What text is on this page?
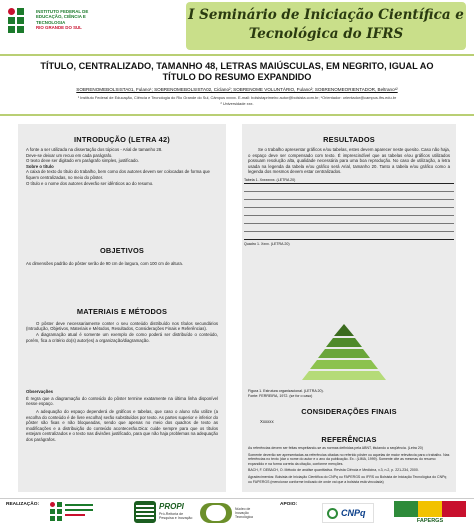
INSTITUTO FEDERAL DE
EDUCAÇÃO, CIÊNCIA E TECNOLOGIA
RIO GRANDE DO SUL
I Seminário de Iniciação Científica e
Tecnológica do IFRS
TÍTULO, CENTRALIZADO, TAMANHO 48, LETRAS MAIÚSCULAS, EM NEGRITO, IGUAL AO TÍTULO DO RESUMO EXPANDIDO
SOBRENOMEBOLSISTA01, Fulano¹; SOBRENOMEBOLSISTA02, Ciclano²; SOBRENOME VOLUNTÁRIO, Fulano²; SOBRENOMEORIENTADOR, Beltrano¹²
¹ Instituto Federal de Educação, Ciência e Tecnologia do Rio Grande do Sul, Câmpus xxxxx. E-mail: bolsistaprimeiro autor@bolsista.com.br; *Orientador: orientador@campus.ifrs.edu.br
² Universidade xxx.
INTRODUÇÃO (LETRA 42)

A fonte a ser utilizada na dissertação dos tópicos - Arial de tamanho 28.

Deve-se deixar um recuo em cada parágrafo.

O texto deve ser digitado em parágrafo simples, justificado.

Sobre o título

A caixa de texto do título do trabalho, bem como dos autores devem ser colocadas de forma que fiquem centralizadas, no meio do pôster.

O título e o nome dos autores deverão ser idênticos ao do resumo.

OBJETIVOS
As dimensões padrão do pôster serão de 90 cm de largura, com 100 cm de altura.
MATERIAIS E MÉTODOS

O pôster deve necessariamente conter o seu conteúdo distribuído nos títulos secundários (Introdução, Objetivos, Materiais e Métodos, Resultados, Considerações Finais e Referências).

A diagramação atual é somente um exemplo de como poderá ser distribuído o conteúdo, porém, fica a critério do(s) autor(es) a organização/diagramação.

Observações

É regra que a diagramação do conteúdo do pôster termine exatamente na última linha disponível nesse espaço.

A adequação do espaço dependerá de gráficos e tabelas, que caso o aluno não utilize (a escolha do conteúdo é de livre escolha) serão substituídos por texto. As partes superior e inferior do pôster são fixas e não bloqueadas, sendo que apenas no meio dos quadros de texto as modificações e a distribuição do conteúdo acontecerão.Dica: cuide sempre para que os títulos estejam centralizados e o texto nas divisões justificado, para que não haja problemas na adequação dos parágrafos.

RESULTADOS
Se o trabalho apresentar gráficos e/ou tabelas, estes devem aparecer neste quesito. Caso não haja, o espaço deve ser compensado com texto. É imprescindível que as tabelas e/ou gráficos utilizados possuam resolução alta, qualidade necessária para uma boa reprodução. No caso de utilização, a letra usada na legenda da tabela e/ou gráfico será Arial, tamanho 20. Tanto a tabela e/ou gráfico como a legenda dos mesmos devem estar centralizados.
Tabela 1. Xxxxxxxx. (LETRA 20)

Quadro 1. Xxxx. (LETRA 20)
Figura 1. Estrutura organizacional. (LETRA 20).
Fonte: FERREIRA, 1972. (se for o caso)
CONSIDERAÇÕES FINAIS
Xxxxxx
REFERÊNCIAS

As referências devem ser feitas respeitando-se as normas definidas pela ABNT, titulando a seqüência. (Letra 20)

Somente deverão ser apresentadas as referências citadas no referido pôster ou aquelas de maior relevância para o trabalho. Nas referências no texto (dar o nome do autor e o ano da publicação. Ex.: (LIMA, 1999). Somente cite as mesmas do resumo expandido e na forma correta da citação, conforme menções.

BACH, F. DEBACH, O. Método de análise quantitativa. Revista Ciência e Medicina, v.3, n.2, p. 221-234, 2000.

Agradecimentos: Bolsista de Iniciação Científica do CNPq ou FAPERGS ou IFRS ou Bolsista de Iniciação Tecnológica do CNPq ou FAPERGS (mencionar conforme indicado de onde vai que a bolsista está vinculada)

REALIZAÇÃO:	PROPI
Pró-Reitoria de Pesquisa e Inovação
Núcleo de Inovação Tecnológica
APOIO:
CNPq
FAPERGS
